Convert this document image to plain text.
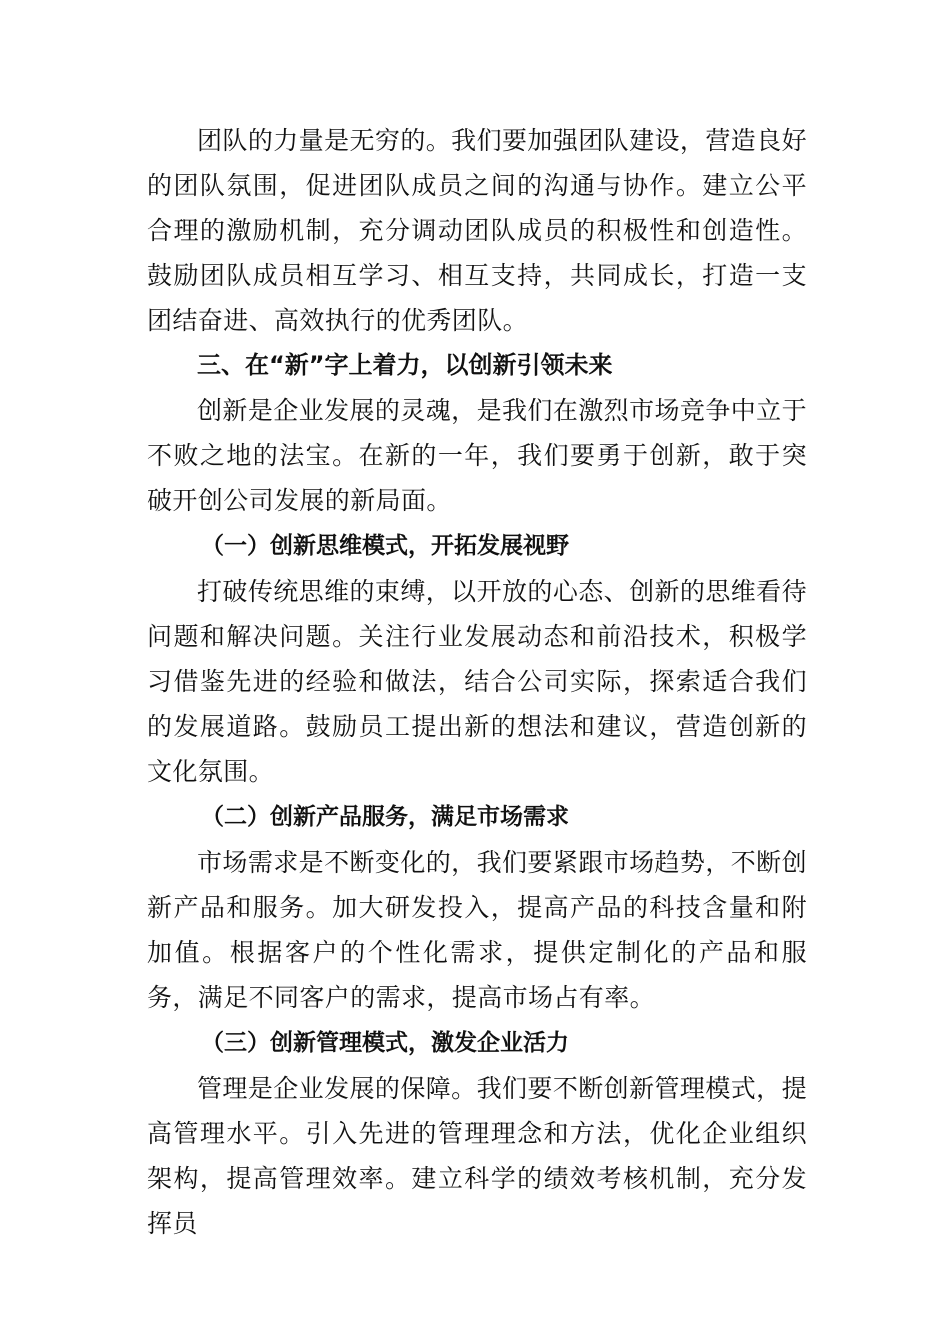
团队的力量是无穷的。我们要加强团队建设，营造良好的团队氛围，促进团队成员之间的沟通与协作。建立公平合理的激励机制，充分调动团队成员的积极性和创造性。鼓励团队成员相互学习、相互支持，共同成长，打造一支团结奋进、高效执行的优秀团队。

三、在“新”字上着力，以创新引领未来

创新是企业发展的灵魂，是我们在激烈市场竞争中立于不败之地的法宝。在新的一年，我们要勇于创新，敢于突破开创公司发展的新局面。

（一）创新思维模式，开拓发展视野

打破传统思维的束缚，以开放的心态、创新的思维看待问题和解决问题。关注行业发展动态和前沿技术，积极学习借鉴先进的经验和做法，结合公司实际，探索适合我们的发展道路。鼓励员工提出新的想法和建议，营造创新的文化氛围。

（二）创新产品服务，满足市场需求

市场需求是不断变化的，我们要紧跟市场趋势，不断创新产品和服务。加大研发投入，提高产品的科技含量和附加值。根据客户的个性化需求，提供定制化的产品和服务，满足不同客户的需求，提高市场占有率。

（三）创新管理模式，激发企业活力

管理是企业发展的保障。我们要不断创新管理模式，提高管理水平。引入先进的管理理念和方法，优化企业组织架构，提高管理效率。建立科学的绩效考核机制，充分发挥员
